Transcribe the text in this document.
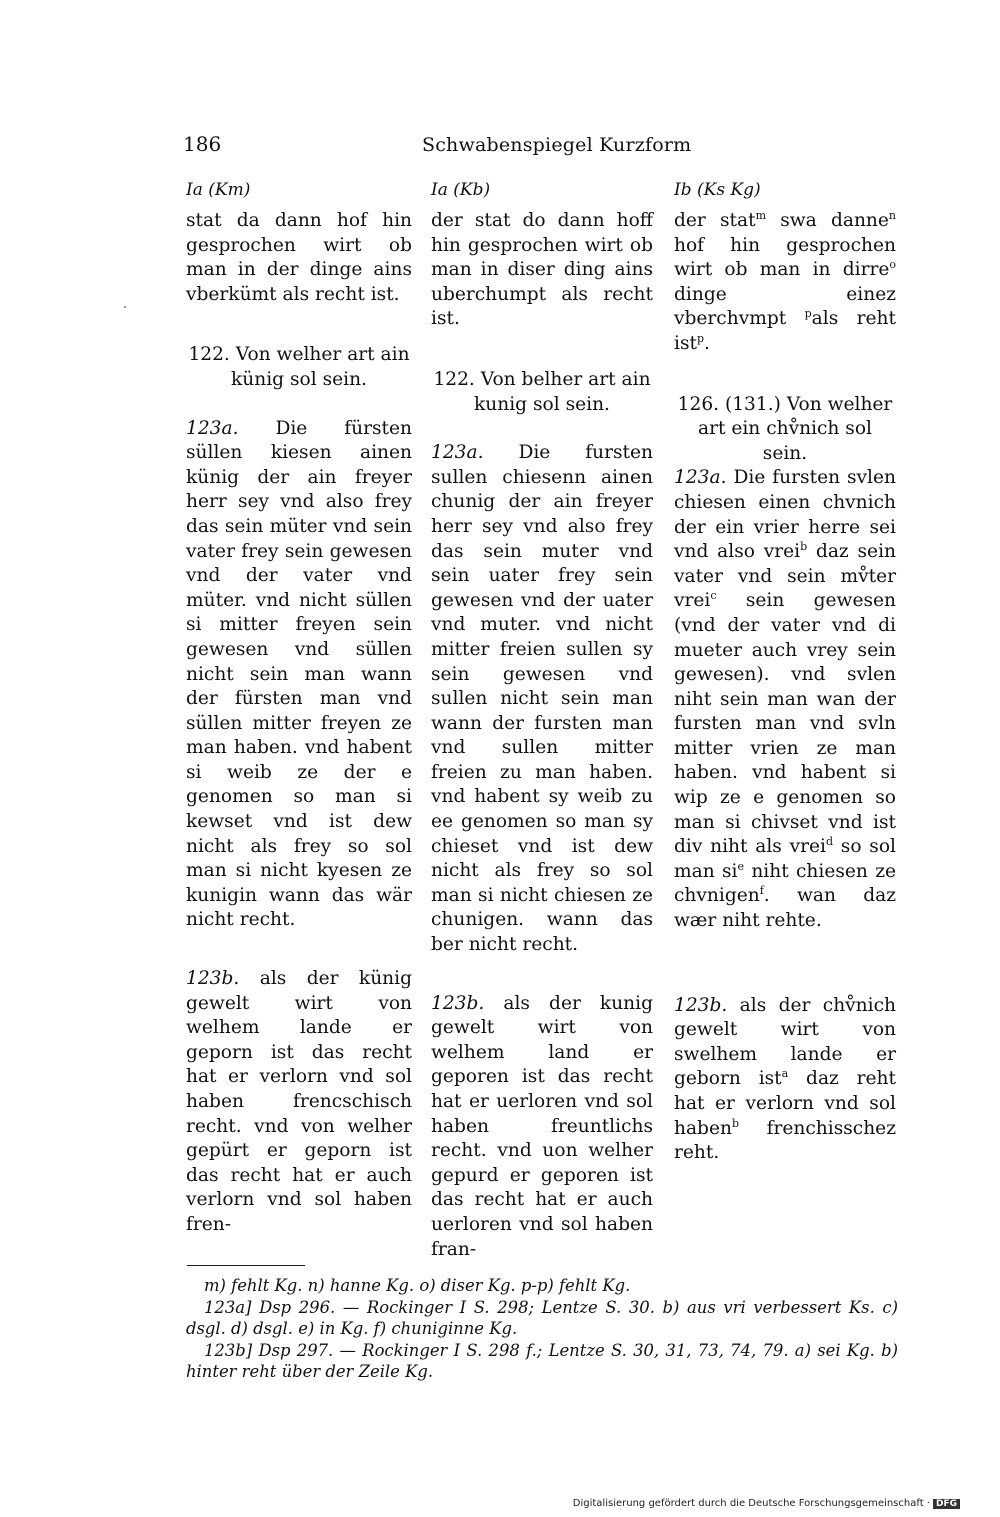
186	Schwabenspiegel Kurzform
Ia (Km)	Ia (Kb)	Ib (Ks Kg)

stat da dann hof hin gesprochen wirt ob man in der dinge ains vberkümt als recht ist.

122. Von welher art ain künig sol sein.

123a. Die fürsten süllen kiesen ainen künig der ain freyer herr sey vnd also frey das sein müter vnd sein vater frey sein gewesen vnd der vater vnd müter. vnd nicht süllen si mitter freyen sein gewesen vnd süllen nicht sein man wann der fürsten man vnd süllen mitter freyen ze man haben. vnd habent si weib ze der e genomen so man si kewset vnd ist dew nicht als frey so sol man si nicht kyesen ze kunigin wann das wär nicht recht.

123b. als der künig gewelt wirt von welhem lande er geporn ist das recht hat er verlorn vnd sol haben frencschisch recht. vnd von welher gepürt er geporn ist das recht hat er auch verlorn vnd sol haben fren-

der stat do dann hoff hin gesprochen wirt ob man in diser ding ains uberchumpt als recht ist.

122. Von belher art ain kunig sol sein.

123a. Die fursten sullen chiesenn ainen chunig der ain freyer herr sey vnd also frey das sein muter vnd sein uater frey sein gewesen vnd der uater vnd muter. vnd nicht mitter freien sullen sy sein gewesen vnd sullen nicht sein man wann der fursten man vnd sullen mitter freien zu man haben. vnd habent sy weib zu ee genomen so man sy chieset vnd ist dew nicht als frey so sol man si nicht chiesen ze chunigen. wann das ber nicht recht.

123b. als der kunig gewelt wirt von welhem land er geporen ist das recht hat er uerloren vnd sol haben freuntlichs recht. vnd uon welher gepurd er geporen ist das recht hat er auch uerloren vnd sol haben fran-

der stat$^m$ swa danne$^n$ hof hin gesprochen wirt ob man in dirre$^o$ dinge einez vberchvmpt $^p$als reht ist$^p$.

126. (131.) Von welher art ein chv̊nich sol sein.

123a. Die fursten svlen chiesen einen chvnich der ein vrier herre sei vnd also vrei$^b$ daz sein vater vnd sein mv̊ter vrei$^c$ sein gewesen (vnd der vater vnd di mueter auch vrey sein gewesen). vnd svlen niht sein man wan der fursten man vnd svln mitter vrien ze man haben. vnd habent si wip ze e genomen so man si chivset vnd ist div niht als vrei$^d$ so sol man $si^e$ niht chiesen ze chvnigen$^f$. wan daz wær niht rehte.

123b. als der chv̊nich gewelt wirt von swelhem lande er geborn ist$^a$ daz reht hat er verlorn vnd sol haben$^b$ frenchisschez reht.

m) fehlt Kg. n) hanne Kg. o) diser Kg. p-p) fehlt Kg.

123a] Dsp 296. — Rockinger I S. 298; Lentze S. 30. b) aus vri verbessert Ks. c) dsgl. d) dsgl. e) in Kg. f) chuniginne Kg.

123b] Dsp 297. — Rockinger I S. 298 f.; Lentze S. 30, 31, 73, 74, 79. a) sei Kg. b) hinter reht über der Zeile Kg.

Digitalisierung gefördert durch die Deutsche Forschungsgemeinschaft · DFG
